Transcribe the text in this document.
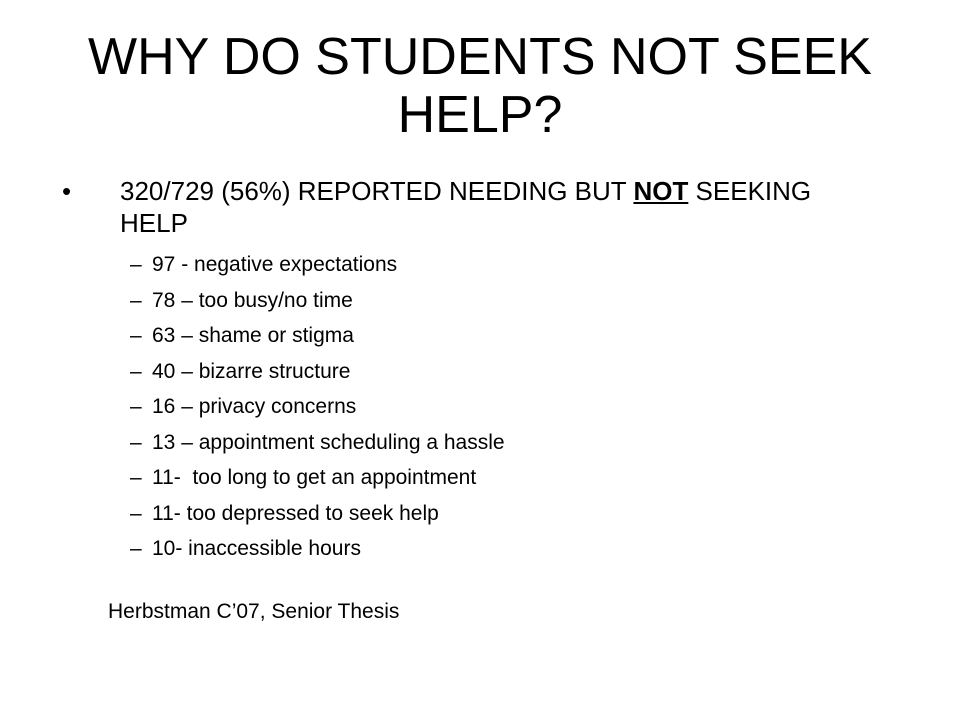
WHY DO STUDENTS NOT SEEK HELP?
• 320/729 (56%) REPORTED NEEDING BUT NOT SEEKING HELP
– 97 - negative expectations
– 78 – too busy/no time
– 63 – shame or stigma
– 40 – bizarre structure
– 16 – privacy concerns
– 13 – appointment scheduling a hassle
– 11-  too long to get an appointment
– 11- too depressed to seek help
– 10- inaccessible hours
Herbstman C’07, Senior Thesis
